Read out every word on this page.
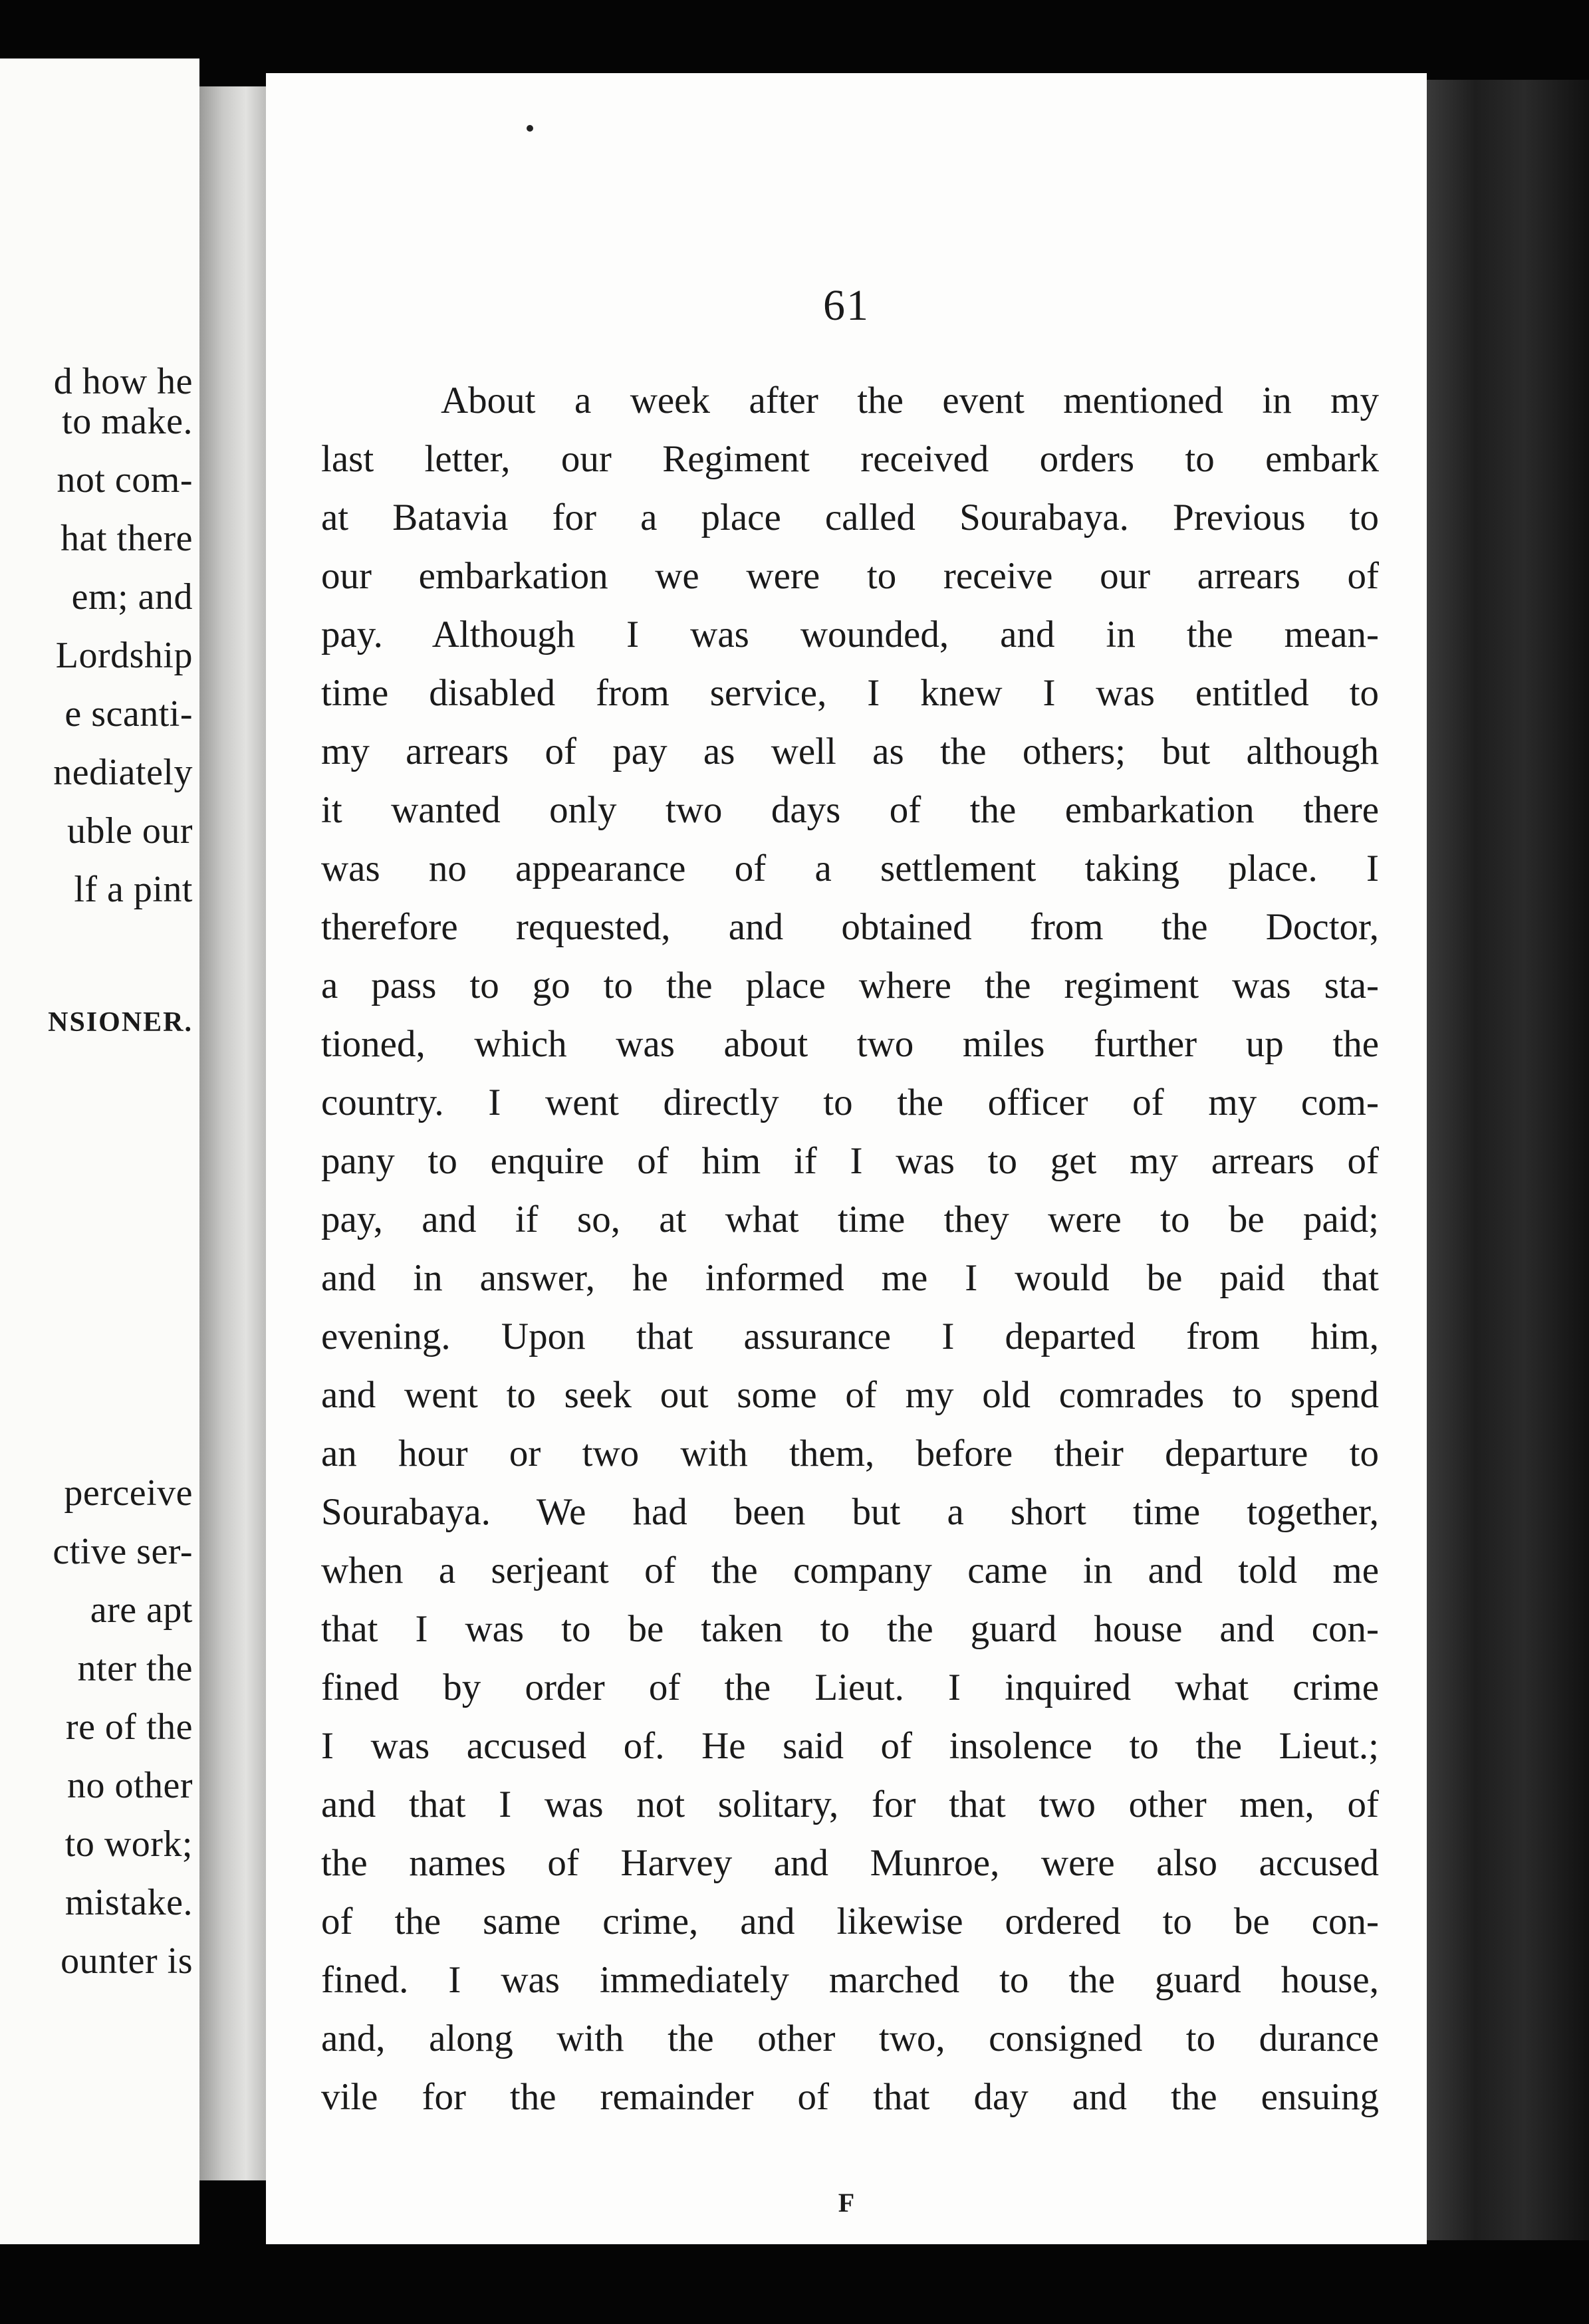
d how he
to make.
not com-
hat there
em; and
Lordship
e scanti-
nediately
uble our
lf a pint
NSIONER.
perceive
ctive ser-
are apt
nter the
re of the
no other
to work;
mistake.
ounter is
61
About a week after the event mentioned in my
last letter, our Regiment received orders to embark
at Batavia for a place called Sourabaya. Previous to
our embarkation we were to receive our arrears of
pay. Although I was wounded, and in the mean-
time disabled from service, I knew I was entitled to
my arrears of pay as well as the others; but although
it wanted only two days of the embarkation there
was no appearance of a settlement taking place. I
therefore requested, and obtained from the Doctor,
a pass to go to the place where the regiment was sta-
tioned, which was about two miles further up the
country. I went directly to the officer of my com-
pany to enquire of him if I was to get my arrears of
pay, and if so, at what time they were to be paid;
and in answer, he informed me I would be paid that
evening. Upon that assurance I departed from him,
and went to seek out some of my old comrades to spend
an hour or two with them, before their departure to
Sourabaya. We had been but a short time together,
when a serjeant of the company came in and told me
that I was to be taken to the guard house and con-
fined by order of the Lieut. I inquired what crime
I was accused of. He said of insolence to the Lieut.;
and that I was not solitary, for that two other men, of
the names of Harvey and Munroe, were also accused
of the same crime, and likewise ordered to be con-
fined. I was immediately marched to the guard house,
and, along with the other two, consigned to durance
vile for the remainder of that day and the ensuing
F
